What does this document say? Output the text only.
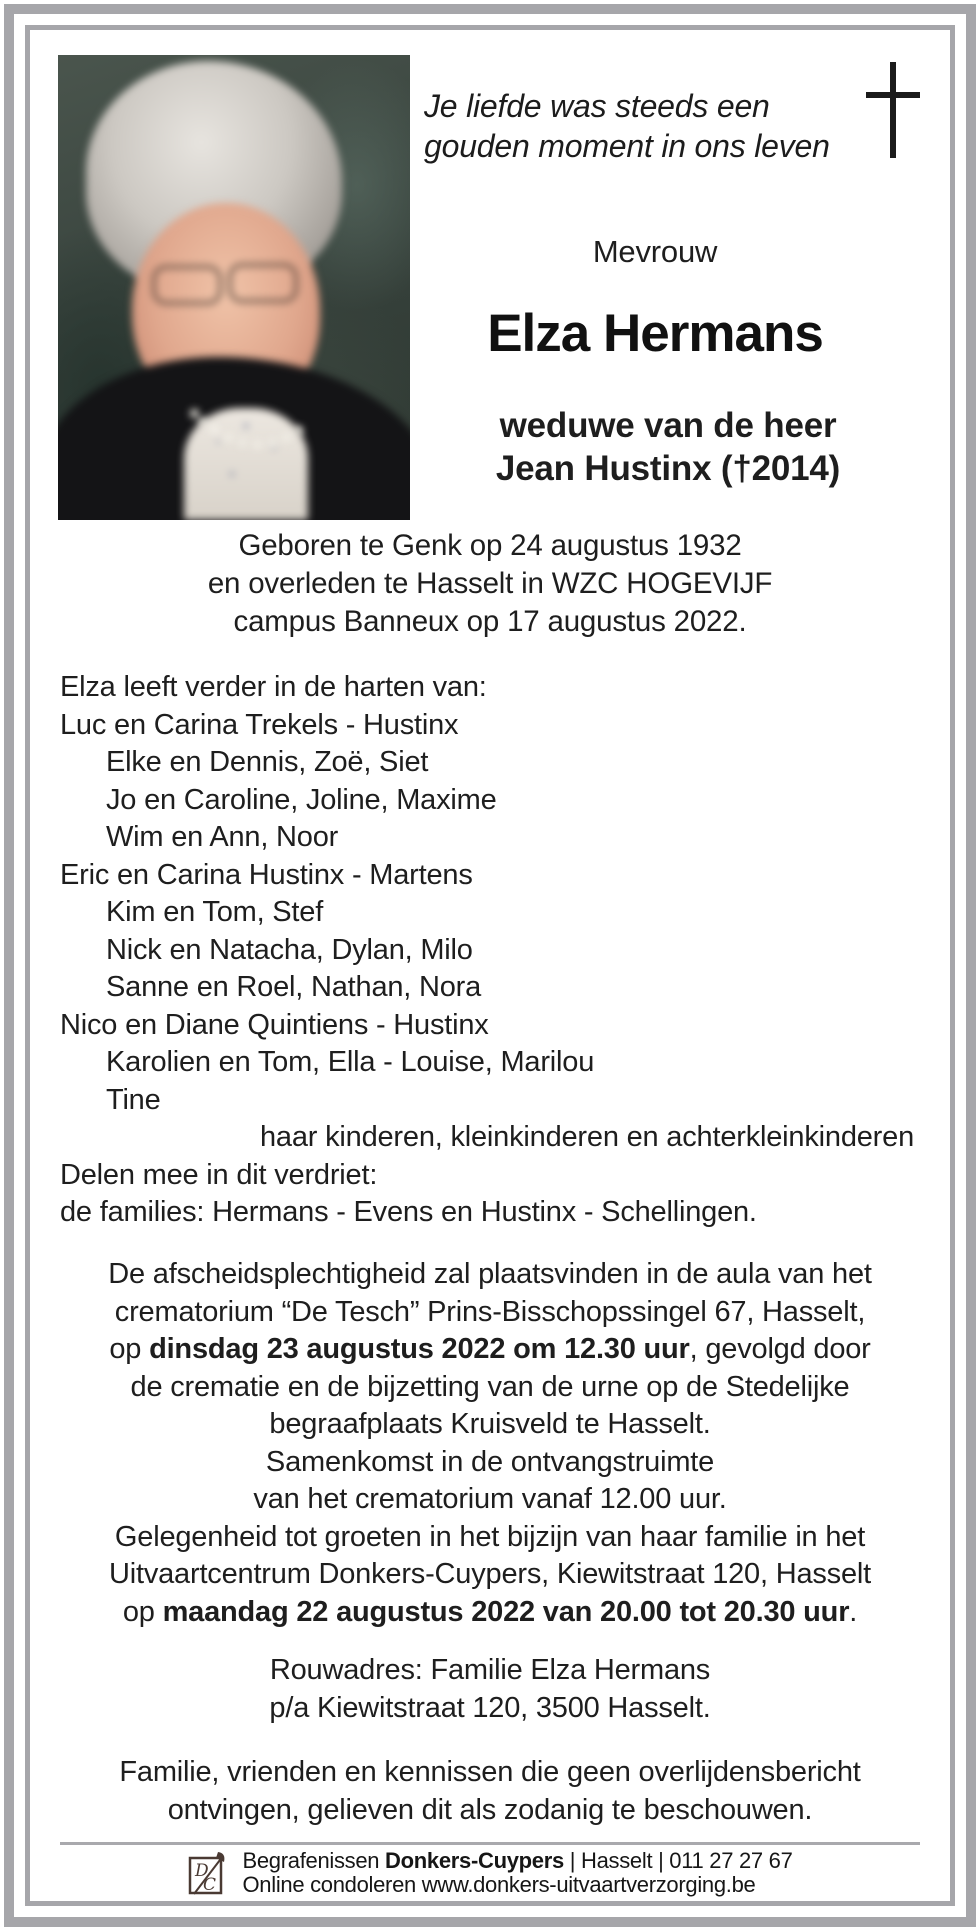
Je liefde was steeds een
gouden moment in ons leven
Mevrouw
Elza Hermans
weduwe van de heer
Jean Hustinx (†2014)
Geboren te Genk op 24 augustus 1932
en overleden te Hasselt in WZC HOGEVIJF
campus Banneux op 17 augustus 2022.
Elza leeft verder in de harten van:
Luc en Carina Trekels - Hustinx
Elke en Dennis, Zoë, Siet
Jo en Caroline, Joline, Maxime
Wim en Ann, Noor
Eric en Carina Hustinx - Martens
Kim en Tom, Stef
Nick en Natacha, Dylan, Milo
Sanne en Roel, Nathan, Nora
Nico en Diane Quintiens - Hustinx
Karolien en Tom, Ella - Louise, Marilou
Tine
haar kinderen, kleinkinderen en achterkleinkinderen
Delen mee in dit verdriet:
de families: Hermans - Evens en Hustinx - Schellingen.
De afscheidsplechtigheid zal plaatsvinden in de aula van het
crematorium “De Tesch” Prins-Bisschopssingel 67, Hasselt,
op dinsdag 23 augustus 2022 om 12.30 uur, gevolgd door
de crematie en de bijzetting van de urne op de Stedelijke
begraafplaats Kruisveld te Hasselt.
Samenkomst in de ontvangstruimte
van het crematorium vanaf 12.00 uur.
Gelegenheid tot groeten in het bijzijn van haar familie in het
Uitvaartcentrum Donkers-Cuypers, Kiewitstraat 120, Hasselt
op maandag 22 augustus 2022 van 20.00 tot 20.30 uur.
Rouwadres: Familie Elza Hermans
p/a Kiewitstraat 120, 3500 Hasselt.
Familie, vrienden en kennissen die geen overlijdensbericht
ontvingen, gelieven dit als zodanig te beschouwen.
D
C
Begrafenissen Donkers-Cuypers | Hasselt | 011 27 27 67
Online condoleren www.donkers-uitvaartverzorging.be
